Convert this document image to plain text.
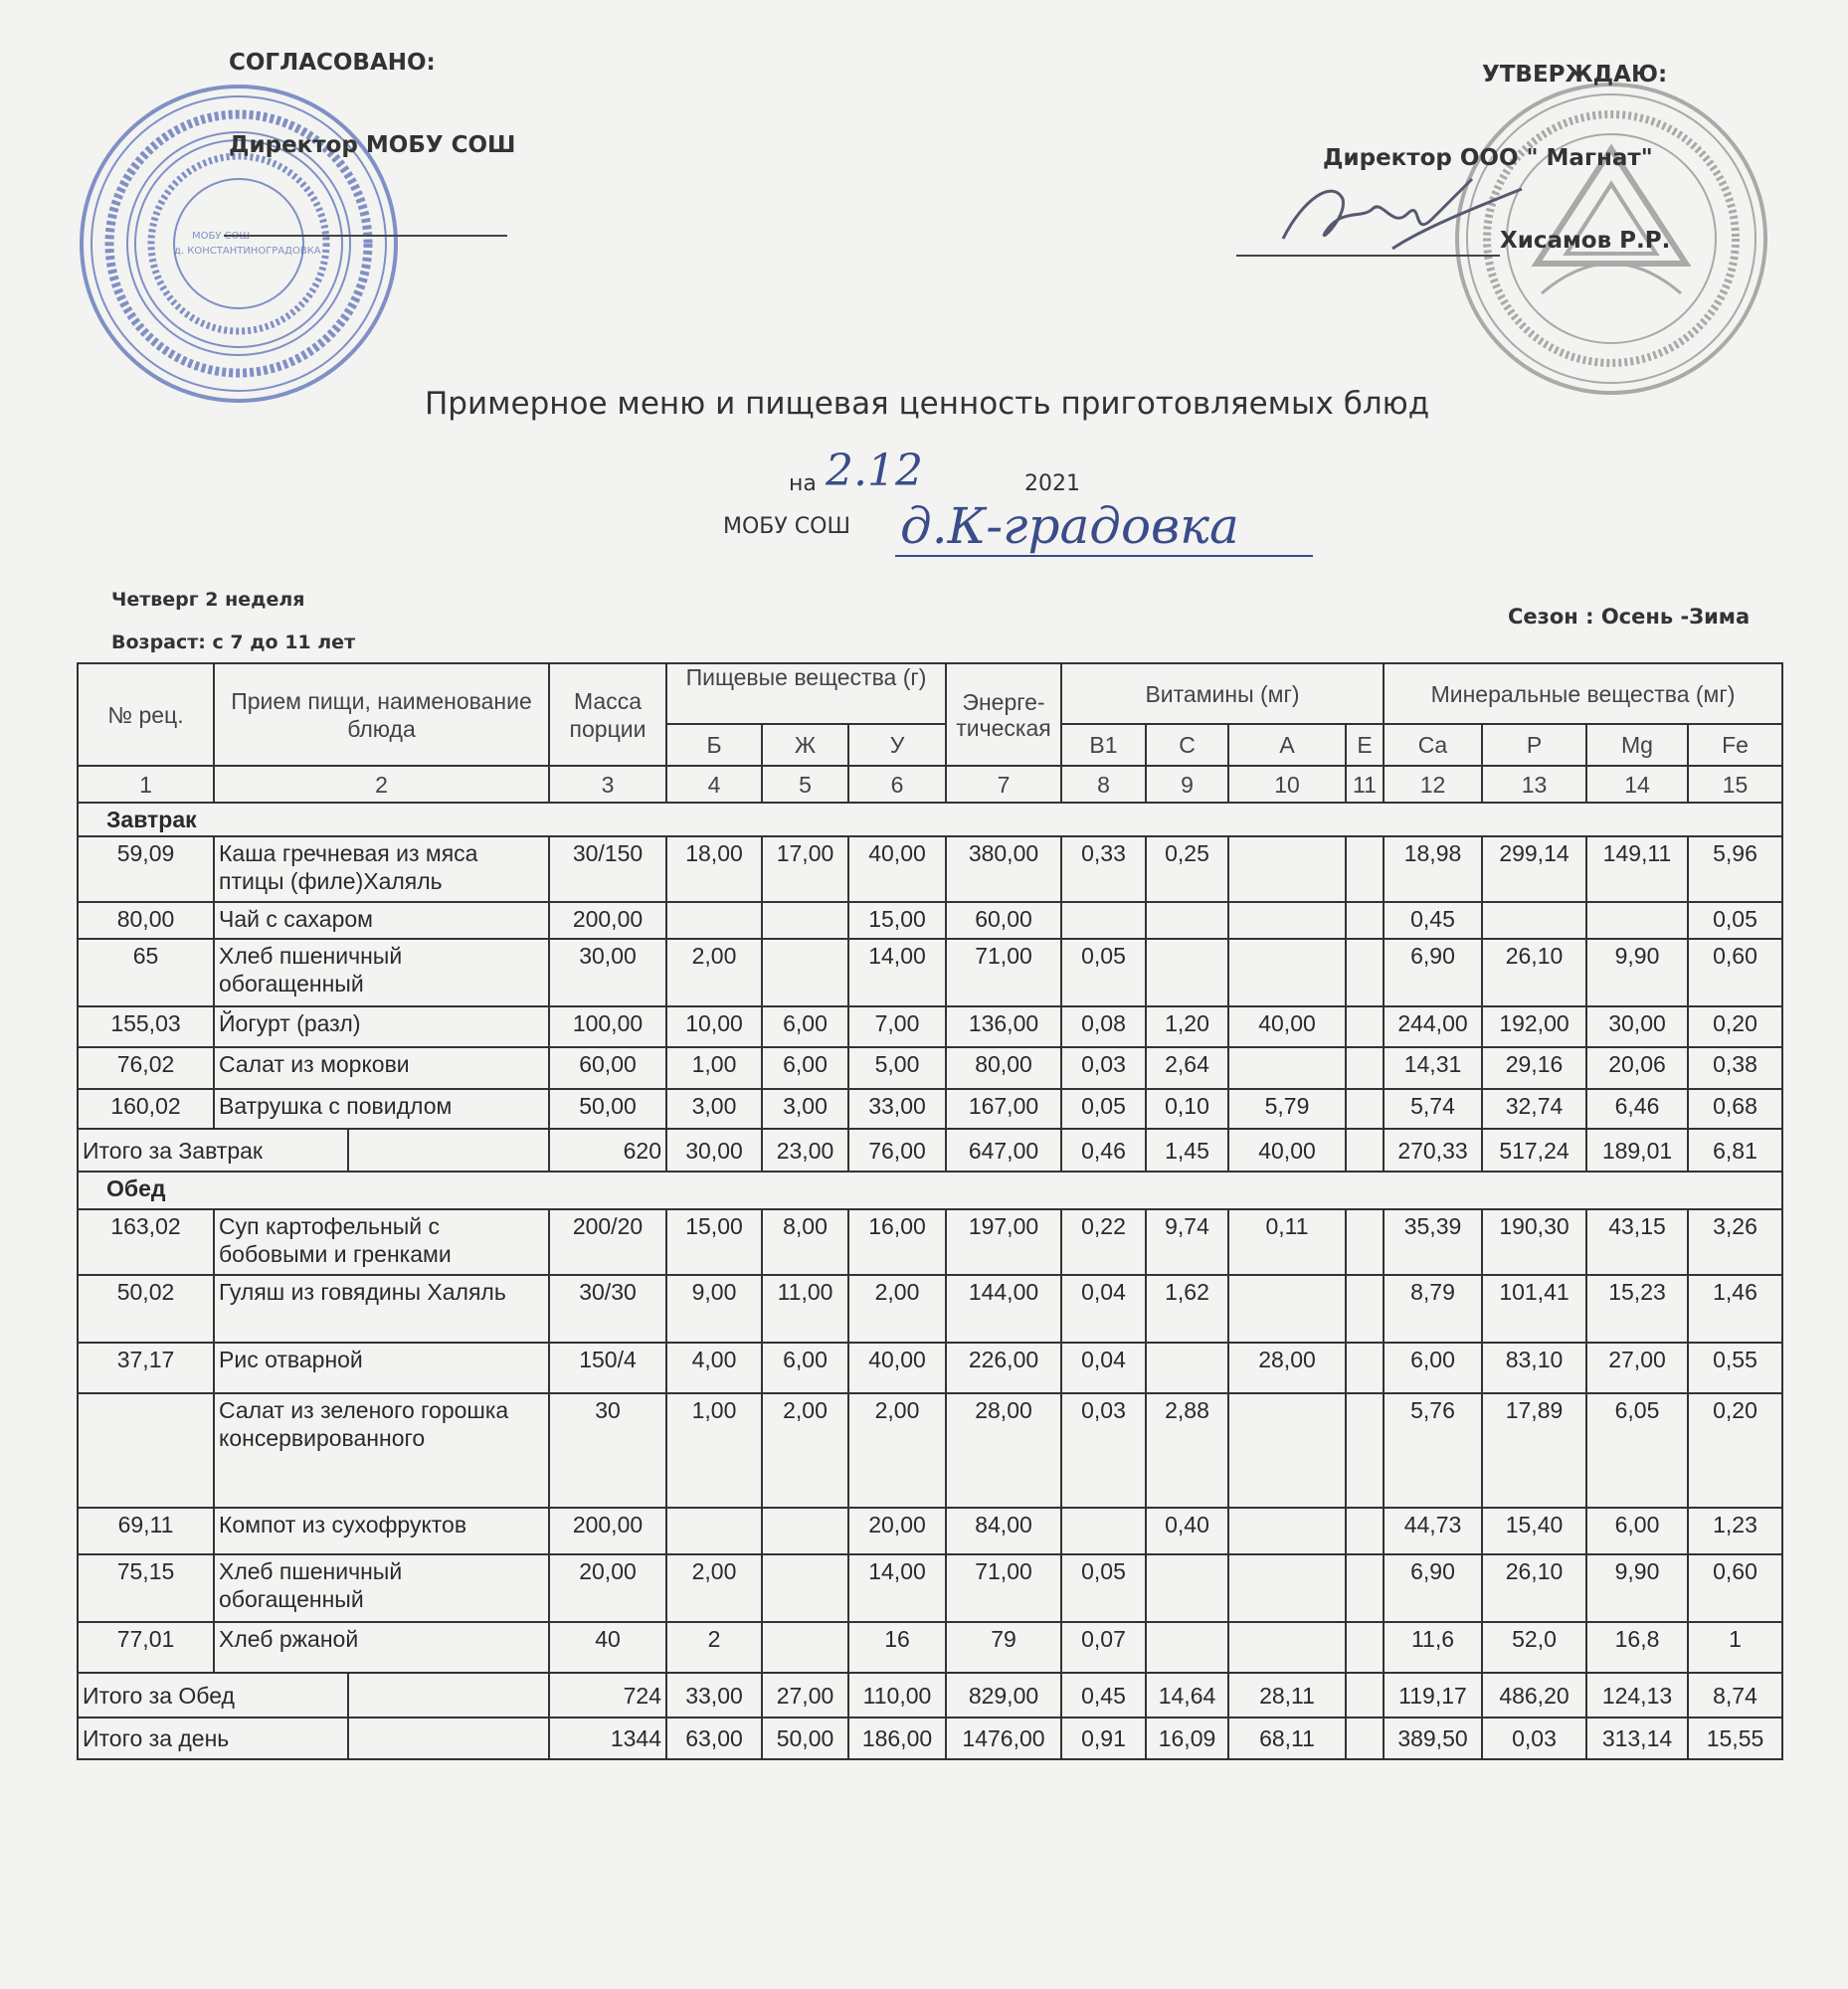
МОБУ СОШ
д. КОНСТАНТИНОГРАДОВКА
СОГЛАСОВАНО:
Директор МОБУ СОШ
УТВЕРЖДАЮ:
Директор ООО " Магнат"
Хисамов Р.Р.
Примерное меню и пищевая ценность приготовляемых блюд
на 2.12	2021
МОБУ СОШ д.К-градовка
Четверг 2 неделя
Возраст: с 7 до 11 лет
Сезон : Осень -Зима
№ рец.	Прием пищи, наименование блюда	Масса порции	Пищевые вещества (г)			Энерге-тическая	Витамины (мг)				Минеральные вещества (мг)			
			Б	Ж	У		B1	C	A	E	Ca	P	Mg	Fe
1	2	3	4	5	6	7	8	9	10	11	12	13	14	15
Завтрак														
59,09	Каша гречневая из мяса птицы (филе)Халяль	30/150	18,00	17,00	40,00	380,00	0,33	0,25			18,98	299,14	149,11	5,96
80,00	Чай с сахаром	200,00			15,00	60,00					0,45			0,05
65	Хлеб пшеничный обогащенный	30,00	2,00		14,00	71,00	0,05				6,90	26,10	9,90	0,60
155,03	Йогурт (разл)	100,00	10,00	6,00	7,00	136,00	0,08	1,20	40,00		244,00	192,00	30,00	0,20
76,02	Салат из моркови	60,00	1,00	6,00	5,00	80,00	0,03	2,64			14,31	29,16	20,06	0,38
160,02	Ватрушка с повидлом	50,00	3,00	3,00	33,00	167,00	0,05	0,10	5,79		5,74	32,74	6,46	0,68
Итого за Завтрак		620	30,00	23,00	76,00	647,00	0,46	1,45	40,00		270,33	517,24	189,01	6,81
Обед														
163,02	Суп картофельный с бобовыми и гренками	200/20	15,00	8,00	16,00	197,00	0,22	9,74	0,11		35,39	190,30	43,15	3,26
50,02	Гуляш из говядины Халяль	30/30	9,00	11,00	2,00	144,00	0,04	1,62			8,79	101,41	15,23	1,46
37,17	Рис отварной	150/4	4,00	6,00	40,00	226,00	0,04		28,00		6,00	83,10	27,00	0,55
	Салат из зеленого горошка консервированного	30	1,00	2,00	2,00	28,00	0,03	2,88			5,76	17,89	6,05	0,20
69,11	Компот из сухофруктов	200,00			20,00	84,00		0,40			44,73	15,40	6,00	1,23
75,15	Хлеб пшеничный обогащенный	20,00	2,00		14,00	71,00	0,05				6,90	26,10	9,90	0,60
77,01	Хлеб ржаной	40	2		16	79	0,07				11,6	52,0	16,8	1
Итого за Обед		724	33,00	27,00	110,00	829,00	0,45	14,64	28,11		119,17	486,20	124,13	8,74
Итого за день		1344	63,00	50,00	186,00	1476,00	0,91	16,09	68,11		389,50	0,03	313,14	15,55
